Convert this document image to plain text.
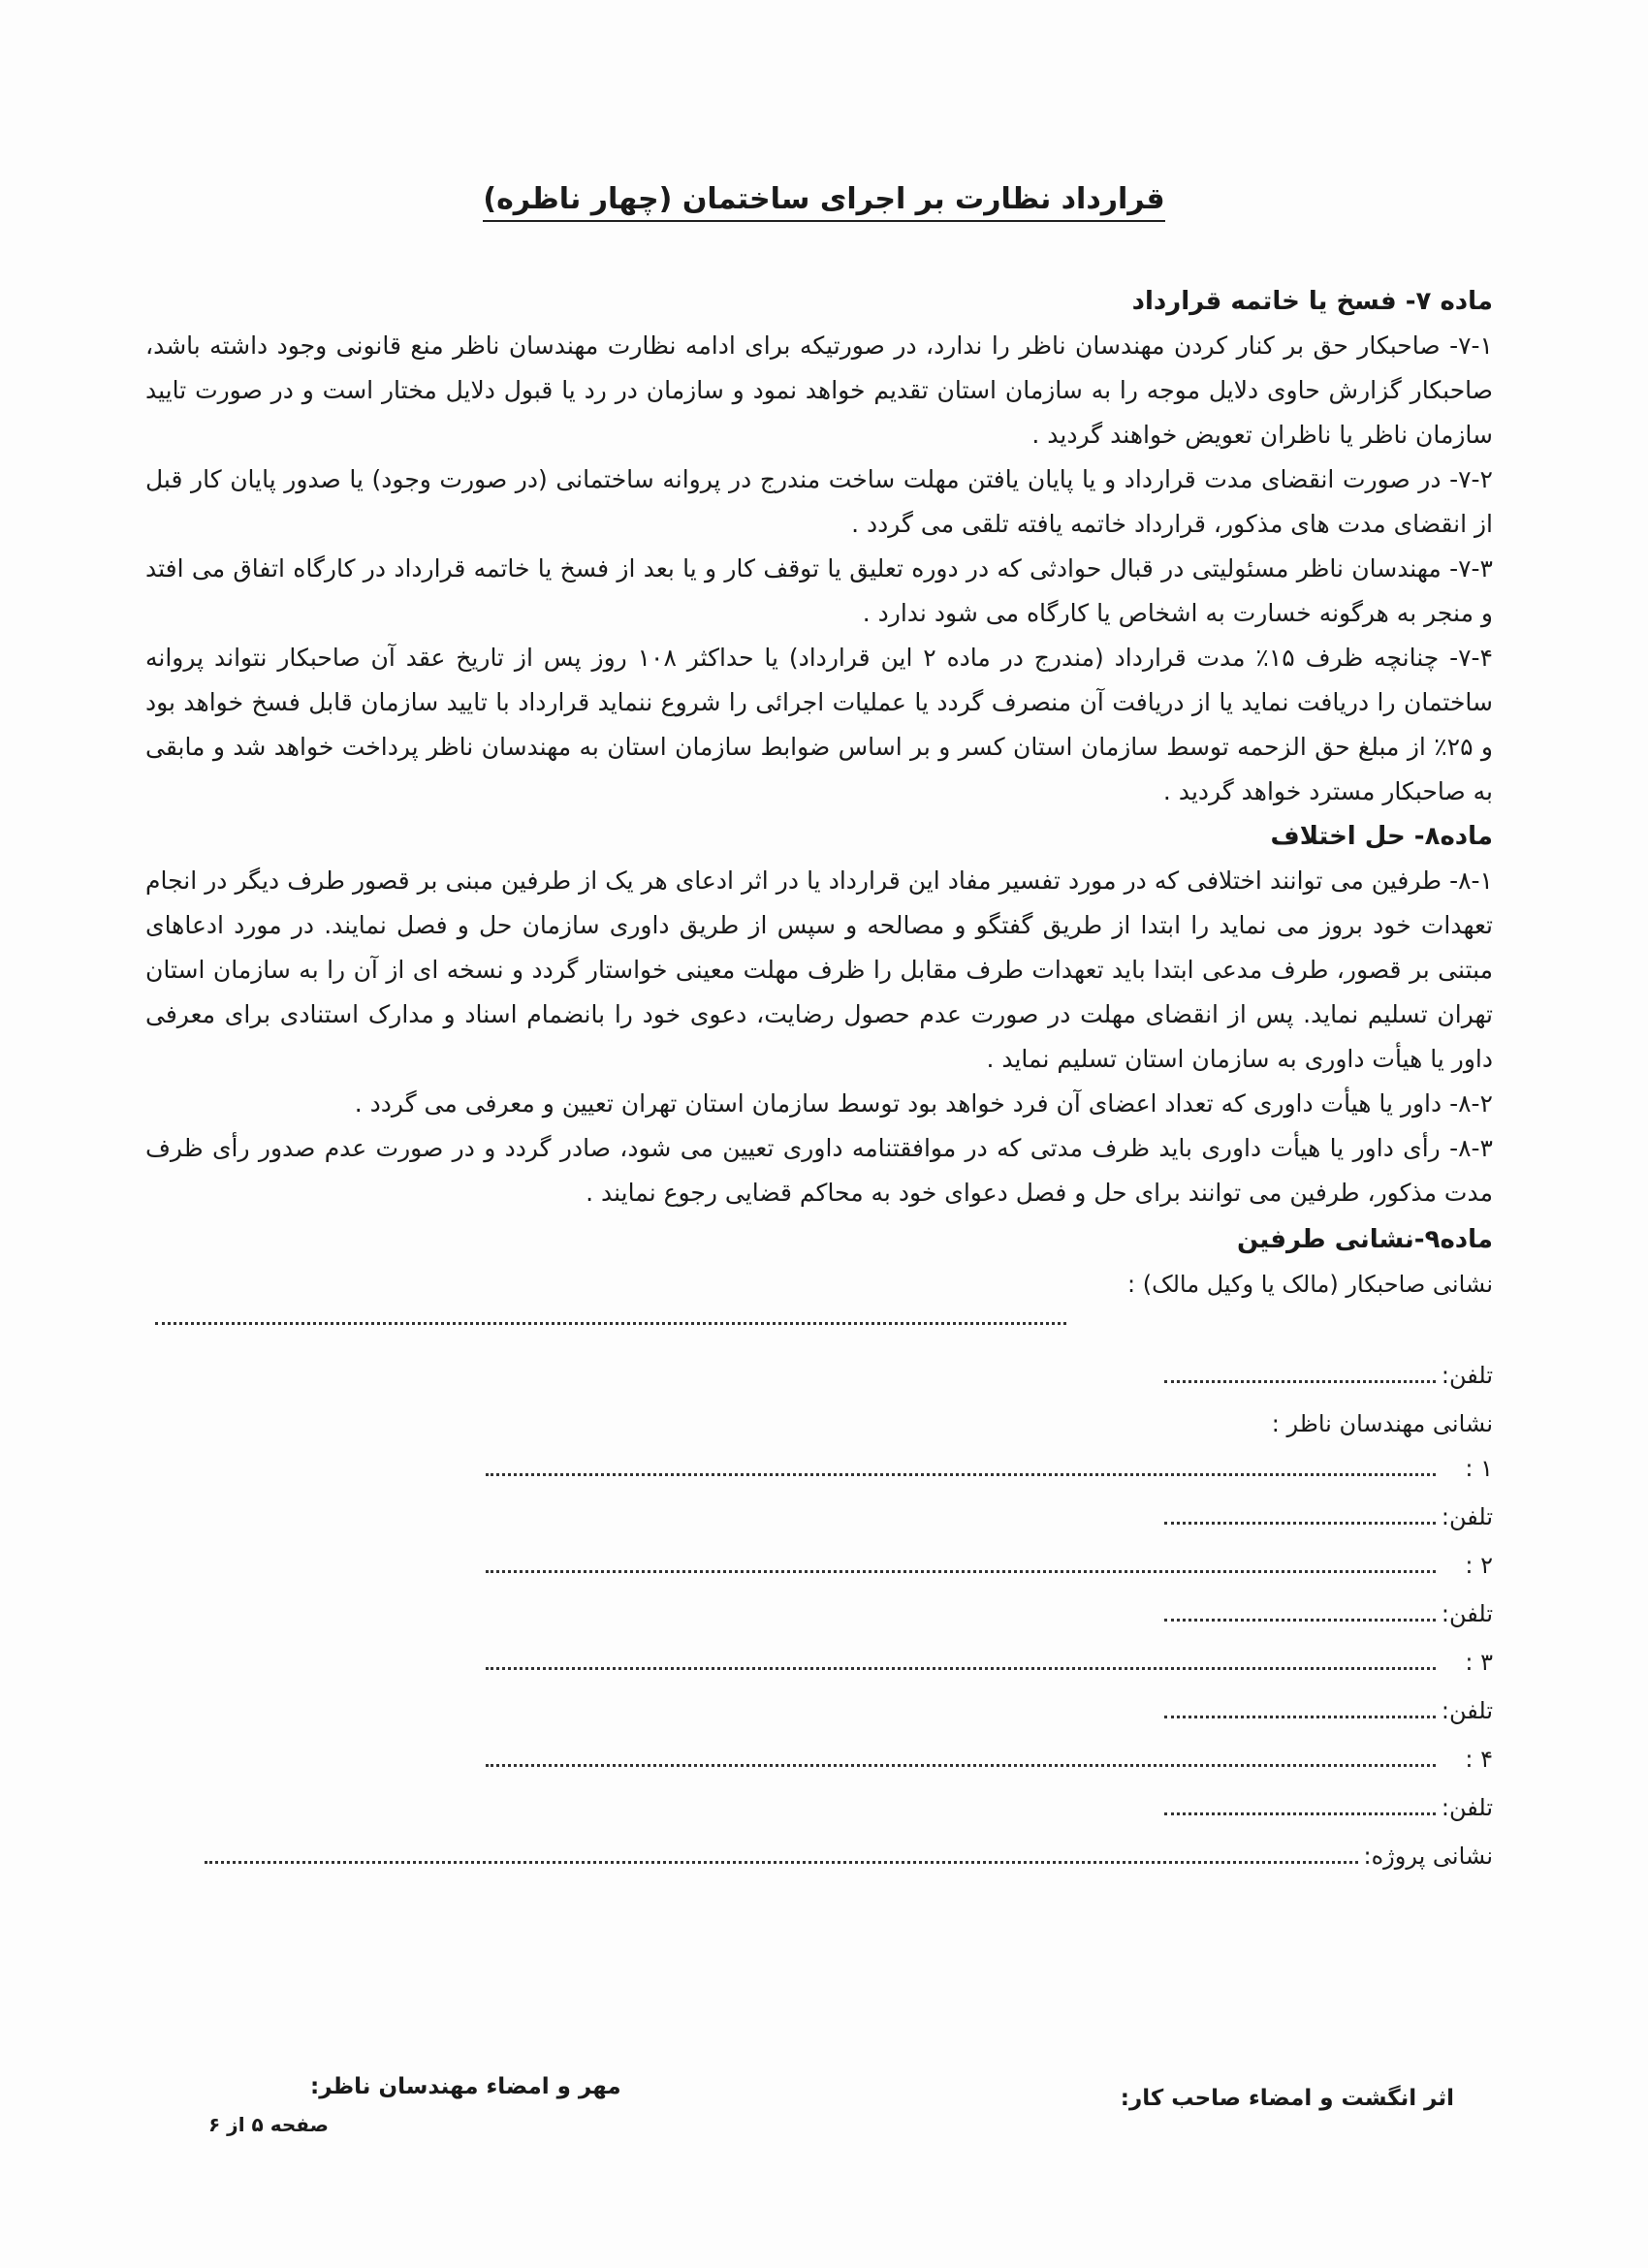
قرارداد نظارت بر اجرای ساختمان (چهار ناظره)

ماده ۷- فسخ یا خاتمه قرارداد

۷-۱- صاحبکار حق بر کنار کردن مهندسان ناظر را ندارد، در صورتیکه برای ادامه نظارت مهندسان ناظر منع قانونی وجود داشته باشد، صاحبکار گزارش حاوی دلایل موجه را به سازمان استان تقدیم خواهد نمود و سازمان در رد یا قبول دلایل مختار است و در صورت تایید سازمان ناظر یا ناظران تعویض خواهند گردید .

۷-۲- در صورت انقضای مدت قرارداد و یا پایان یافتن مهلت ساخت مندرج در پروانه ساختمانی (در صورت وجود) یا صدور پایان کار قبل از انقضای مدت های مذکور، قرارداد خاتمه یافته تلقی می گردد .

۷-۳- مهندسان ناظر مسئولیتی در قبال حوادثی که در دوره تعلیق یا توقف کار و یا بعد از فسخ یا خاتمه قرارداد در کارگاه اتفاق می افتد و منجر به هرگونه خسارت به اشخاص یا کارگاه می شود ندارد .

۷-۴- چنانچه ظرف ۱۵٪ مدت قرارداد (مندرج در ماده ۲ این قرارداد) یا حداکثر ۱۰۸ روز پس از تاریخ عقد آن صاحبکار نتواند پروانه ساختمان را دریافت نماید یا از دریافت آن منصرف گردد یا عملیات اجرائی را شروع ننماید قرارداد با تایید سازمان قابل فسخ خواهد بود و ۲۵٪ از مبلغ حق الزحمه توسط سازمان استان کسر و بر اساس ضوابط سازمان استان به مهندسان ناظر پرداخت خواهد شد و مابقی به صاحبکار مسترد خواهد گردید .

ماده۸- حل اختلاف

۸-۱- طرفین می توانند اختلافی که در مورد تفسیر مفاد این قرارداد یا در اثر ادعای هر یک از طرفین مبنی بر قصور طرف دیگر در انجام تعهدات خود بروز می نماید را ابتدا از طریق گفتگو و مصالحه و سپس از طریق داوری سازمان حل و فصل نمایند. در مورد ادعاهای مبتنی بر قصور، طرف مدعی ابتدا باید تعهدات طرف مقابل را ظرف مهلت معینی خواستار گردد و نسخه ای از آن را به سازمان استان تهران تسلیم نماید. پس از انقضای مهلت در صورت عدم حصول رضایت، دعوی خود را بانضمام اسناد و مدارک استنادی برای معرفی داور یا هیأت داوری به سازمان استان تسلیم نماید .

۸-۲- داور یا هیأت داوری که تعداد اعضای آن فرد خواهد بود توسط سازمان استان تهران تعیین و معرفی می گردد .

۸-۳- رأی داور یا هیأت داوری باید ظرف مدتی که در موافقتنامه داوری تعیین می شود، صادر گردد و در صورت عدم صدور رأی ظرف مدت مذکور، طرفین می توانند برای حل و فصل دعوای خود به محاکم قضایی رجوع نمایند .

ماده۹-نشانی طرفین

نشانی صاحبکار (مالک یا وکیل مالک) :
تلفن:
نشانی مهندسان ناظر :
۱ :
تلفن:
۲ :
تلفن:
۳ :
تلفن:
۴ :
تلفن:
نشانی پروژه:
اثر انگشت و امضاء صاحب کار:
مهر و امضاء مهندسان ناظر:
صفحه ۵ از ۶
